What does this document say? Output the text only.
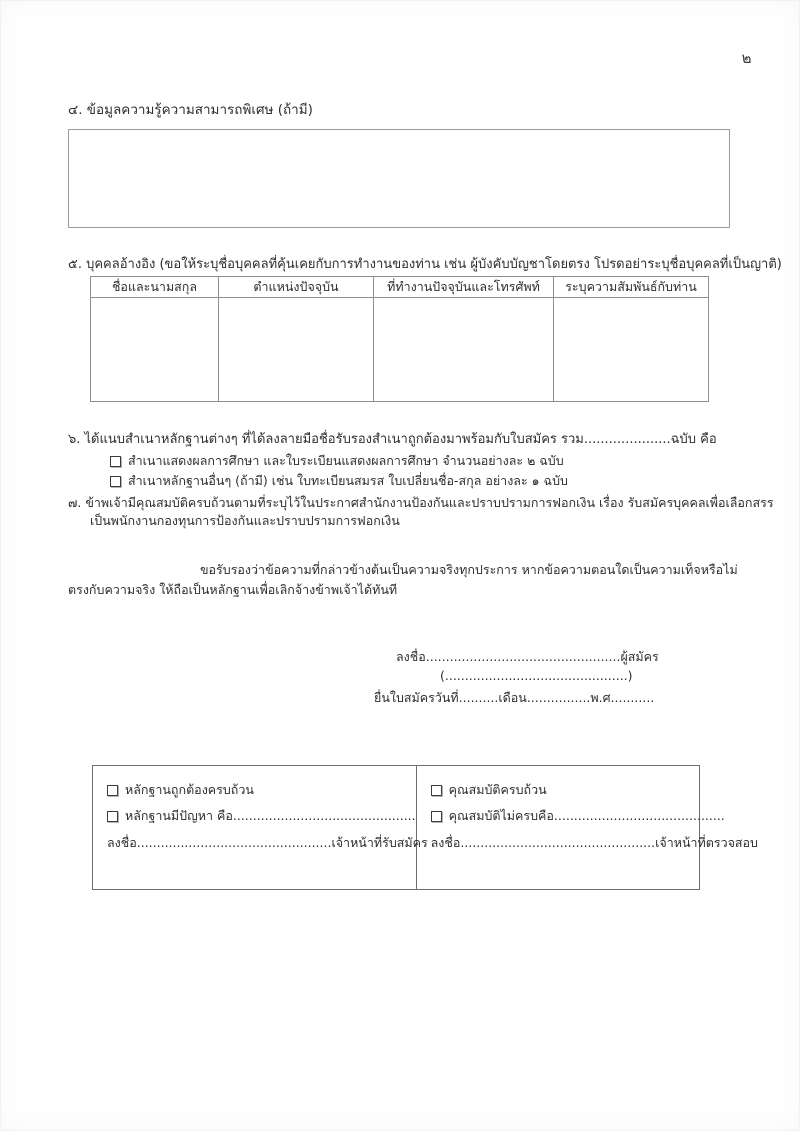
๒
๔. ข้อมูลความรู้ความสามารถพิเศษ (ถ้ามี)
๕. บุคคลอ้างอิง (ขอให้ระบุชื่อบุคคลที่คุ้นเคยกับการทำงานของท่าน เช่น ผู้บังคับบัญชาโดยตรง โปรดอย่าระบุชื่อบุคคลที่เป็นญาติ)
ชื่อและนามสกุล	ตำแหน่งปัจจุบัน	ที่ทำงานปัจจุบันและโทรศัพท์	ระบุความสัมพันธ์กับท่าน

๖. ได้แนบสำเนาหลักฐานต่างๆ ที่ได้ลงลายมือชื่อรับรองสำเนาถูกต้องมาพร้อมกับใบสมัคร รวม.....................ฉบับ คือ
สำเนาแสดงผลการศึกษา และใบระเบียนแสดงผลการศึกษา จำนวนอย่างละ ๒ ฉบับ
สำเนาหลักฐานอื่นๆ (ถ้ามี) เช่น ใบทะเบียนสมรส ใบเปลี่ยนชื่อ-สกุล อย่างละ ๑ ฉบับ
๗. ข้าพเจ้ามีคุณสมบัติครบถ้วนตามที่ระบุไว้ในประกาศสำนักงานป้องกันและปราบปรามการฟอกเงิน เรื่อง รับสมัครบุคคลเพื่อเลือกสรร
เป็นพนักงานกองทุนการป้องกันและปราบปรามการฟอกเงิน
ขอรับรองว่าข้อความที่กล่าวข้างต้นเป็นความจริงทุกประการ หากข้อความตอนใดเป็นความเท็จหรือไม่
ตรงกับความจริง ให้ถือเป็นหลักฐานเพื่อเลิกจ้างข้าพเจ้าได้ทันที
ลงชื่อ.................................................ผู้สมัคร
(..............................................)
ยื่นใบสมัครวันที่..........เดือน................พ.ศ...........
หลักฐานถูกต้องครบถ้วน
หลักฐานมีปัญหา คือ..............................................
ลงชื่อ.................................................เจ้าหน้าที่รับสมัคร
คุณสมบัติครบถ้วน
คุณสมบัติไม่ครบคือ...........................................
ลงชื่อ.................................................เจ้าหน้าที่ตรวจสอบ
